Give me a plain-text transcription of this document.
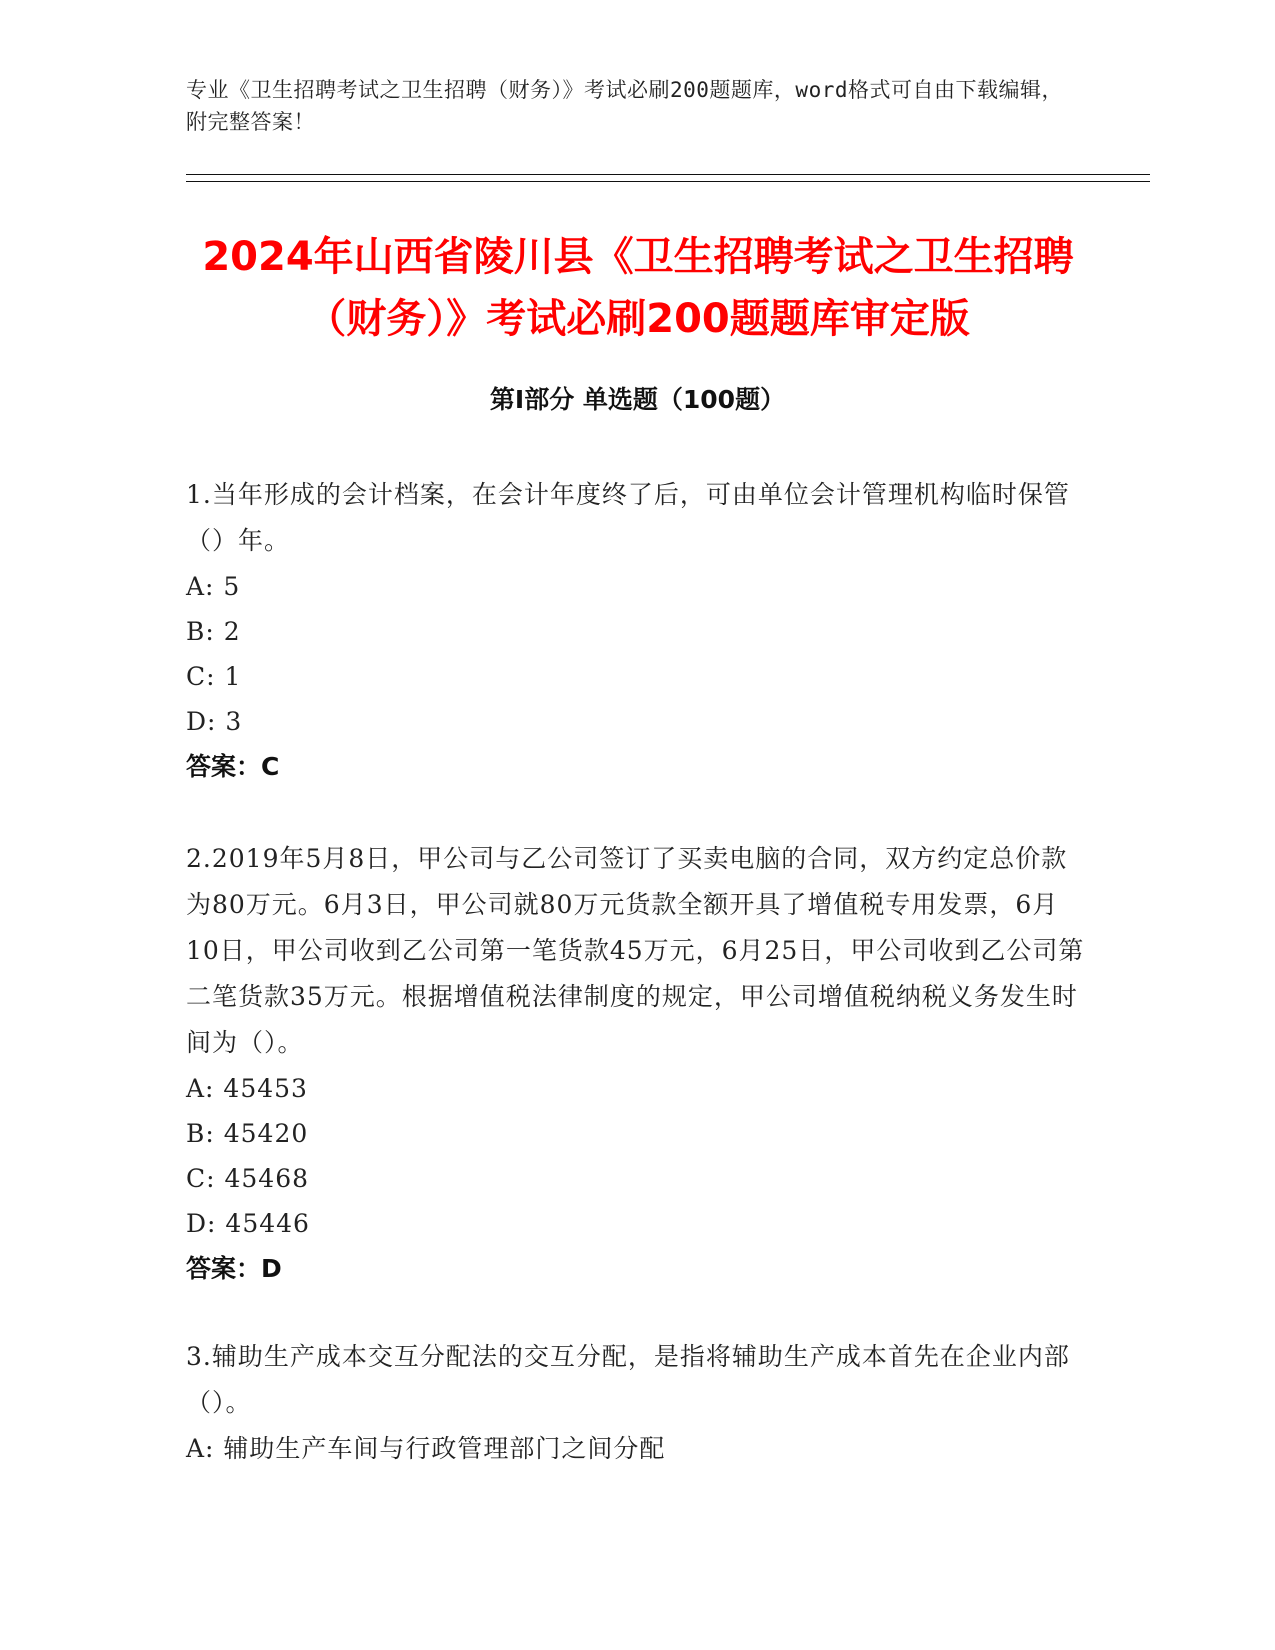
专业《卫生招聘考试之卫生招聘（财务）》考试必刷200题题库，word格式可自由下载编辑，附完整答案！
2024年山西省陵川县《卫生招聘考试之卫生招聘（财务）》考试必刷200题题库审定版
第I部分 单选题（100题）

1.当年形成的会计档案，在会计年度终了后，可由单位会计管理机构临时保管（）年。

A: 5

B: 2

C: 1

D: 3

答案：C

2.2019年5月8日，甲公司与乙公司签订了买卖电脑的合同，双方约定总价款为80万元。6月3日，甲公司就80万元货款全额开具了增值税专用发票，6月10日，甲公司收到乙公司第一笔货款45万元，6月25日，甲公司收到乙公司第二笔货款35万元。根据增值税法律制度的规定，甲公司增值税纳税义务发生时间为（）。

A: 45453

B: 45420

C: 45468

D: 45446

答案：D

3.辅助生产成本交互分配法的交互分配，是指将辅助生产成本首先在企业内部（）。

A: 辅助生产车间与行政管理部门之间分配
